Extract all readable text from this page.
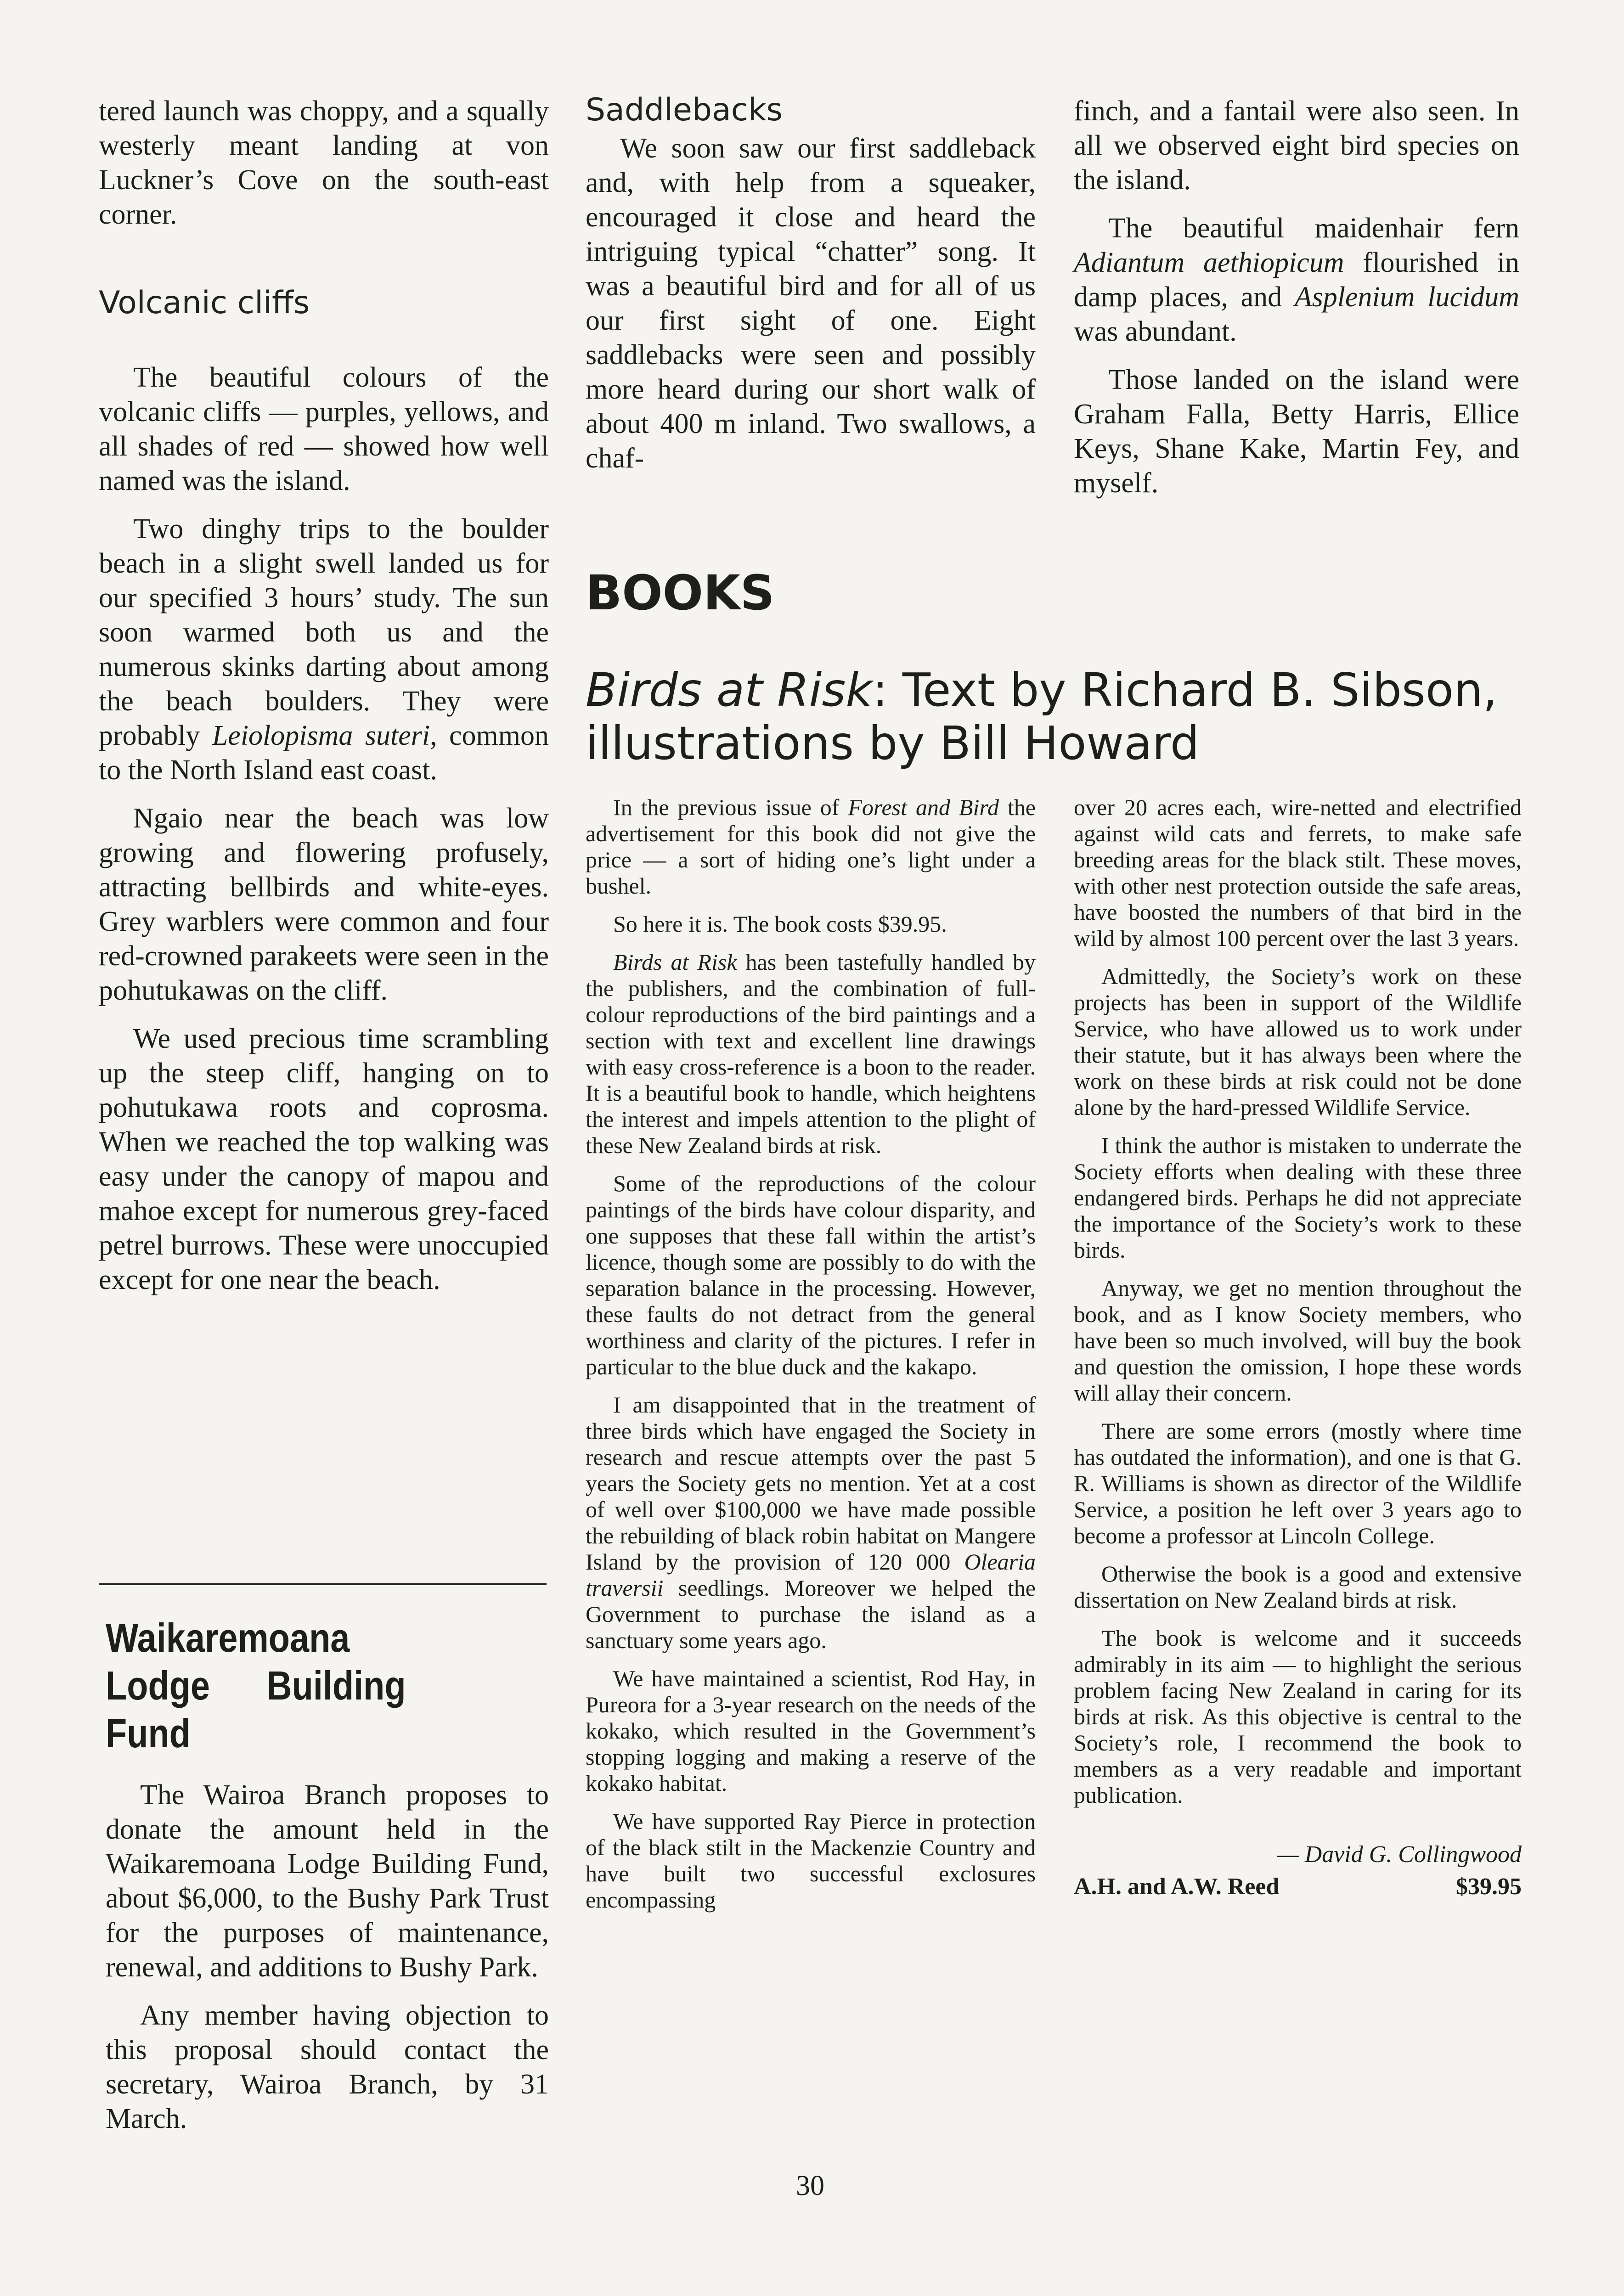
tered launch was choppy, and a squally westerly meant landing at von Luckner’s Cove on the south-east corner.

Volcanic cliffs

The beautiful colours of the volcanic cliffs — purples, yellows, and all shades of red — showed how well named was the island.

Two dinghy trips to the boulder beach in a slight swell landed us for our specified 3 hours’ study. The sun soon warmed both us and the numerous skinks darting about among the beach boulders. They were probably Leiolopisma suteri, common to the North Island east coast.

Ngaio near the beach was low growing and flowering profusely, attracting bellbirds and white-eyes. Grey warblers were common and four red-crowned parakeets were seen in the pohutukawas on the cliff.

We used precious time scrambling up the steep cliff, hanging on to pohutukawa roots and coprosma. When we reached the top walking was easy under the canopy of mapou and mahoe except for numerous grey-faced petrel burrows. These were unoccupied except for one near the beach.

Waikaremoana Lodge Building Fund

The Wairoa Branch proposes to donate the amount held in the Waikaremoana Lodge Building Fund, about $6,000, to the Bushy Park Trust for the purposes of maintenance, renewal, and additions to Bushy Park.

Any member having objection to this proposal should contact the secretary, Wairoa Branch, by 31 March.

Saddlebacks

We soon saw our first saddleback and, with help from a squeaker, encouraged it close and heard the intriguing typical “chatter” song. It was a beautiful bird and for all of us our first sight of one. Eight saddlebacks were seen and possibly more heard during our short walk of about 400 m inland. Two swallows, a chaf-

finch, and a fantail were also seen. In all we observed eight bird species on the island.

The beautiful maidenhair fern Adiantum aethiopicum flourished in damp places, and Asplenium lucidum was abundant.

Those landed on the island were Graham Falla, Betty Harris, Ellice Keys, Shane Kake, Martin Fey, and myself.

BOOKS
Birds at Risk: Text by Richard B. Sibson, illustrations by Bill Howard

In the previous issue of Forest and Bird the advertisement for this book did not give the price — a sort of hiding one’s light under a bushel.

So here it is. The book costs $39.95.

Birds at Risk has been tastefully handled by the publishers, and the combination of full-colour reproductions of the bird paintings and a section with text and excellent line drawings with easy cross-reference is a boon to the reader. It is a beautiful book to handle, which heightens the interest and impels attention to the plight of these New Zealand birds at risk.

Some of the reproductions of the colour paintings of the birds have colour disparity, and one supposes that these fall within the artist’s licence, though some are possibly to do with the separation balance in the processing. However, these faults do not detract from the general worthiness and clarity of the pictures. I refer in particular to the blue duck and the kakapo.

I am disappointed that in the treatment of three birds which have engaged the Society in research and rescue attempts over the past 5 years the Society gets no mention. Yet at a cost of well over $100,000 we have made possible the rebuilding of black robin habitat on Mangere Island by the provision of 120 000 Olearia traversii seedlings. Moreover we helped the Government to purchase the island as a sanctuary some years ago.

We have maintained a scientist, Rod Hay, in Pureora for a 3-year research on the needs of the kokako, which resulted in the Government’s stopping logging and making a reserve of the kokako habitat.

We have supported Ray Pierce in protection of the black stilt in the Mackenzie Country and have built two successful exclosures encompassing

over 20 acres each, wire-netted and electrified against wild cats and ferrets, to make safe breeding areas for the black stilt. These moves, with other nest protection outside the safe areas, have boosted the numbers of that bird in the wild by almost 100 percent over the last 3 years.

Admittedly, the Society’s work on these projects has been in support of the Wildlife Service, who have allowed us to work under their statute, but it has always been where the work on these birds at risk could not be done alone by the hard-pressed Wildlife Service.

I think the author is mistaken to underrate the Society efforts when dealing with these three endangered birds. Perhaps he did not appreciate the importance of the Society’s work to these birds.

Anyway, we get no mention throughout the book, and as I know Society members, who have been so much involved, will buy the book and question the omission, I hope these words will allay their concern.

There are some errors (mostly where time has outdated the information), and one is that G. R. Williams is shown as director of the Wildlife Service, a position he left over 3 years ago to become a professor at Lincoln College.

Otherwise the book is a good and extensive dissertation on New Zealand birds at risk.

The book is welcome and it succeeds admirably in its aim — to highlight the serious problem facing New Zealand in caring for its birds at risk. As this objective is central to the Society’s role, I recommend the book to members as a very readable and important publication.

— David G. Collingwood
A.H. and A.W. Reed	$39.95
30
